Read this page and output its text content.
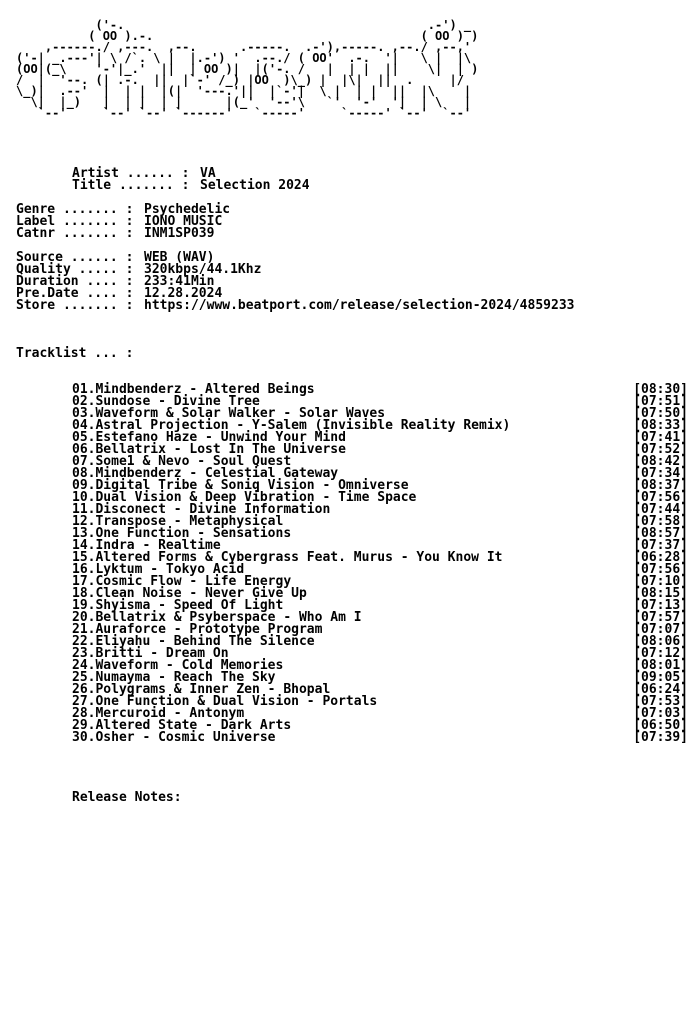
('-.                                          .-') _
( OO ).-.                                     ( OO ) )
,------./ ,---.  ,--.      .-----.  .-'),-----. ,--./ ,--,'
('-| _.---'| \ /`. \ |  |.-') '  .--./ ( OO'  .-.  '|   \ |  |\
(OO|(_\    '-'|_.'  ||  | OO )|  |('-. /   |  | |  ||    \|  | )
/  |  '--. (| .-.  ||  |`-' /_) |OO  )\_) |  |\|  ||  .     |/
\_)|  .--'  |  | |  |(|  '---.'||  |`-'|  \ |  | |  ||  |\    |
\|  |_)   |  | |  | |      |(_'  '--'\   `'  '-'  '|  | \   |
`--'     `--' `--' `------'   `-----'     `-----' `--'  `--'
Artist ...... : VA
Title ....... : Selection 2024
Genre ....... : Psychedelic
Label ....... : IONO MUSIC
Catnr ....... : INM1SP039
Source ...... : WEB (WAV)
Quality ..... : 320kbps/44.1Khz
Duration .... : 233:41Min
Pre.Date .... : 12.28.2024
Store ....... : https://www.beatport.com/release/selection-2024/4859233
Tracklist ... :
01.Mindbenderz - Altered Beings	[08:30]
02.Sundose - Divine Tree	[07:51]
03.Waveform & Solar Walker - Solar Waves	[07:50]
04.Astral Projection - Y-Salem (Invisible Reality Remix)	[08:33]
05.Estefano Haze - Unwind Your Mind	[07:41]
06.Bellatrix - Lost In The Universe	[07:52]
07.Some1 & Nevo - Soul Quest	[08:42]
08.Mindbenderz - Celestial Gateway	[07:34]
09.Digital Tribe & Soniq Vision - Omniverse	[08:37]
10.Dual Vision & Deep Vibration - Time Space	[07:56]
11.Disconect - Divine Information	[07:44]
12.Transpose - Metaphysical	[07:58]
13.One Function - Sensations	[08:57]
14.Indra - Realtime	[07:37]
15.Altered Forms & Cybergrass Feat. Murus - You Know It	[06:28]
16.Lyktum - Tokyo Acid	[07:56]
17.Cosmic Flow - Life Energy	[07:10]
18.Clean Noise - Never Give Up	[08:15]
19.Shyisma - Speed Of Light	[07:13]
20.Bellatrix & Psyberspace - Who Am I	[07:57]
21.Auraforce - Prototype Program	[07:07]
22.Eliyahu - Behind The Silence	[08:06]
23.Britti - Dream On	[07:12]
24.Waveform - Cold Memories	[08:01]
25.Numayma - Reach The Sky	[09:05]
26.Polygrams & Inner Zen - Bhopal	[06:24]
27.One Function & Dual Vision - Portals	[07:53]
28.Mercuroid - Antonym	[07:03]
29.Altered State - Dark Arts	[06:50]
30.Osher - Cosmic Universe	[07:39]
Release Notes:
